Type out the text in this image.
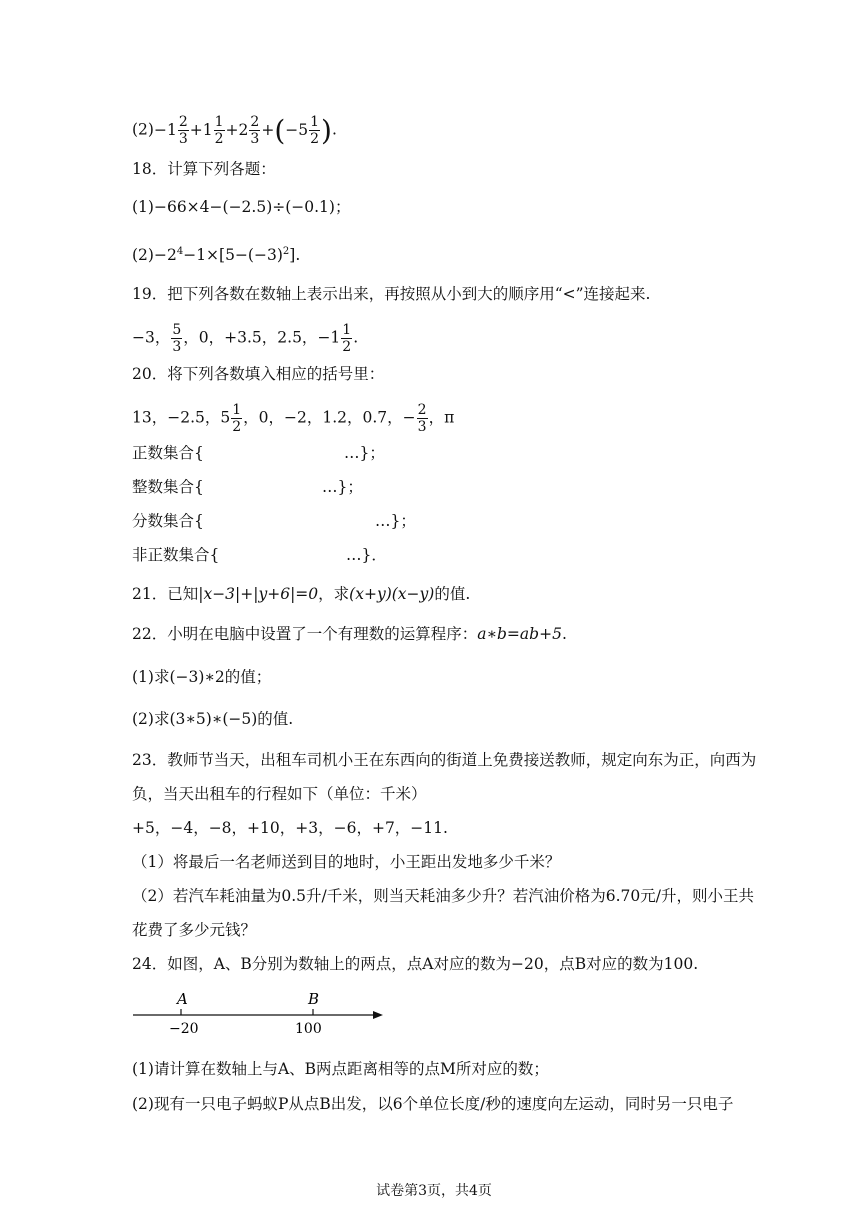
$(2)-1 \frac{2}{3} +1 \frac{1}{2} +2 \frac{2}{3} +(-5 \frac{1}{2}$ ).
18．计算下列各题：
(1)−66×4−(−2.5)÷(−0.1)；
$(2)-2^4-1\times[5-(-3)^2]$.
19．把下列各数在数轴上表示出来，再按照从小到大的顺序用“<”连接起来.
−3， $\frac{5}{3}$ ，0，+3.5，2.5，$-1 \frac{1}{2}$ .
20．将下列各数填入相应的括号里：
13，−2.5，$5 \frac{1}{2}$ ，0，−2，1.2，0.7，− $\frac{2}{3}$ ，π
正数集合{	…}；
整数集合{	…}；
分数集合{	…}；
非正数集合{	…}．
21．已知|x−3|+|y+6|=0，求(x+y)(x−y)的值.
22．小明在电脑中设置了一个有理数的运算程序：a∗b=ab+5.
(1)求(−3)∗2的值；
(2)求(3∗5)∗(−5)的值.
23．教师节当天，出租车司机小王在东西向的街道上免费接送教师，规定向东为正，向西为
负，当天出租车的行程如下（单位：千米）
+5，−4，−8，+10，+3，−6，+7，−11.
（1）将最后一名老师送到目的地时，小王距出发地多少千米？
（2）若汽车耗油量为0.5升/千米，则当天耗油多少升？若汽油价格为6.70元/升，则小王共
花费了多少元钱？
24．如图，A、B分别为数轴上的两点，点A对应的数为−20，点B对应的数为100.
A	B
−20	100
(1)请计算在数轴上与A、B两点距离相等的点M所对应的数；
(2)现有一只电子蚂蚁P从点B出发，以6个单位长度/秒的速度向左运动，同时另一只电子
试卷第3页，共4页
